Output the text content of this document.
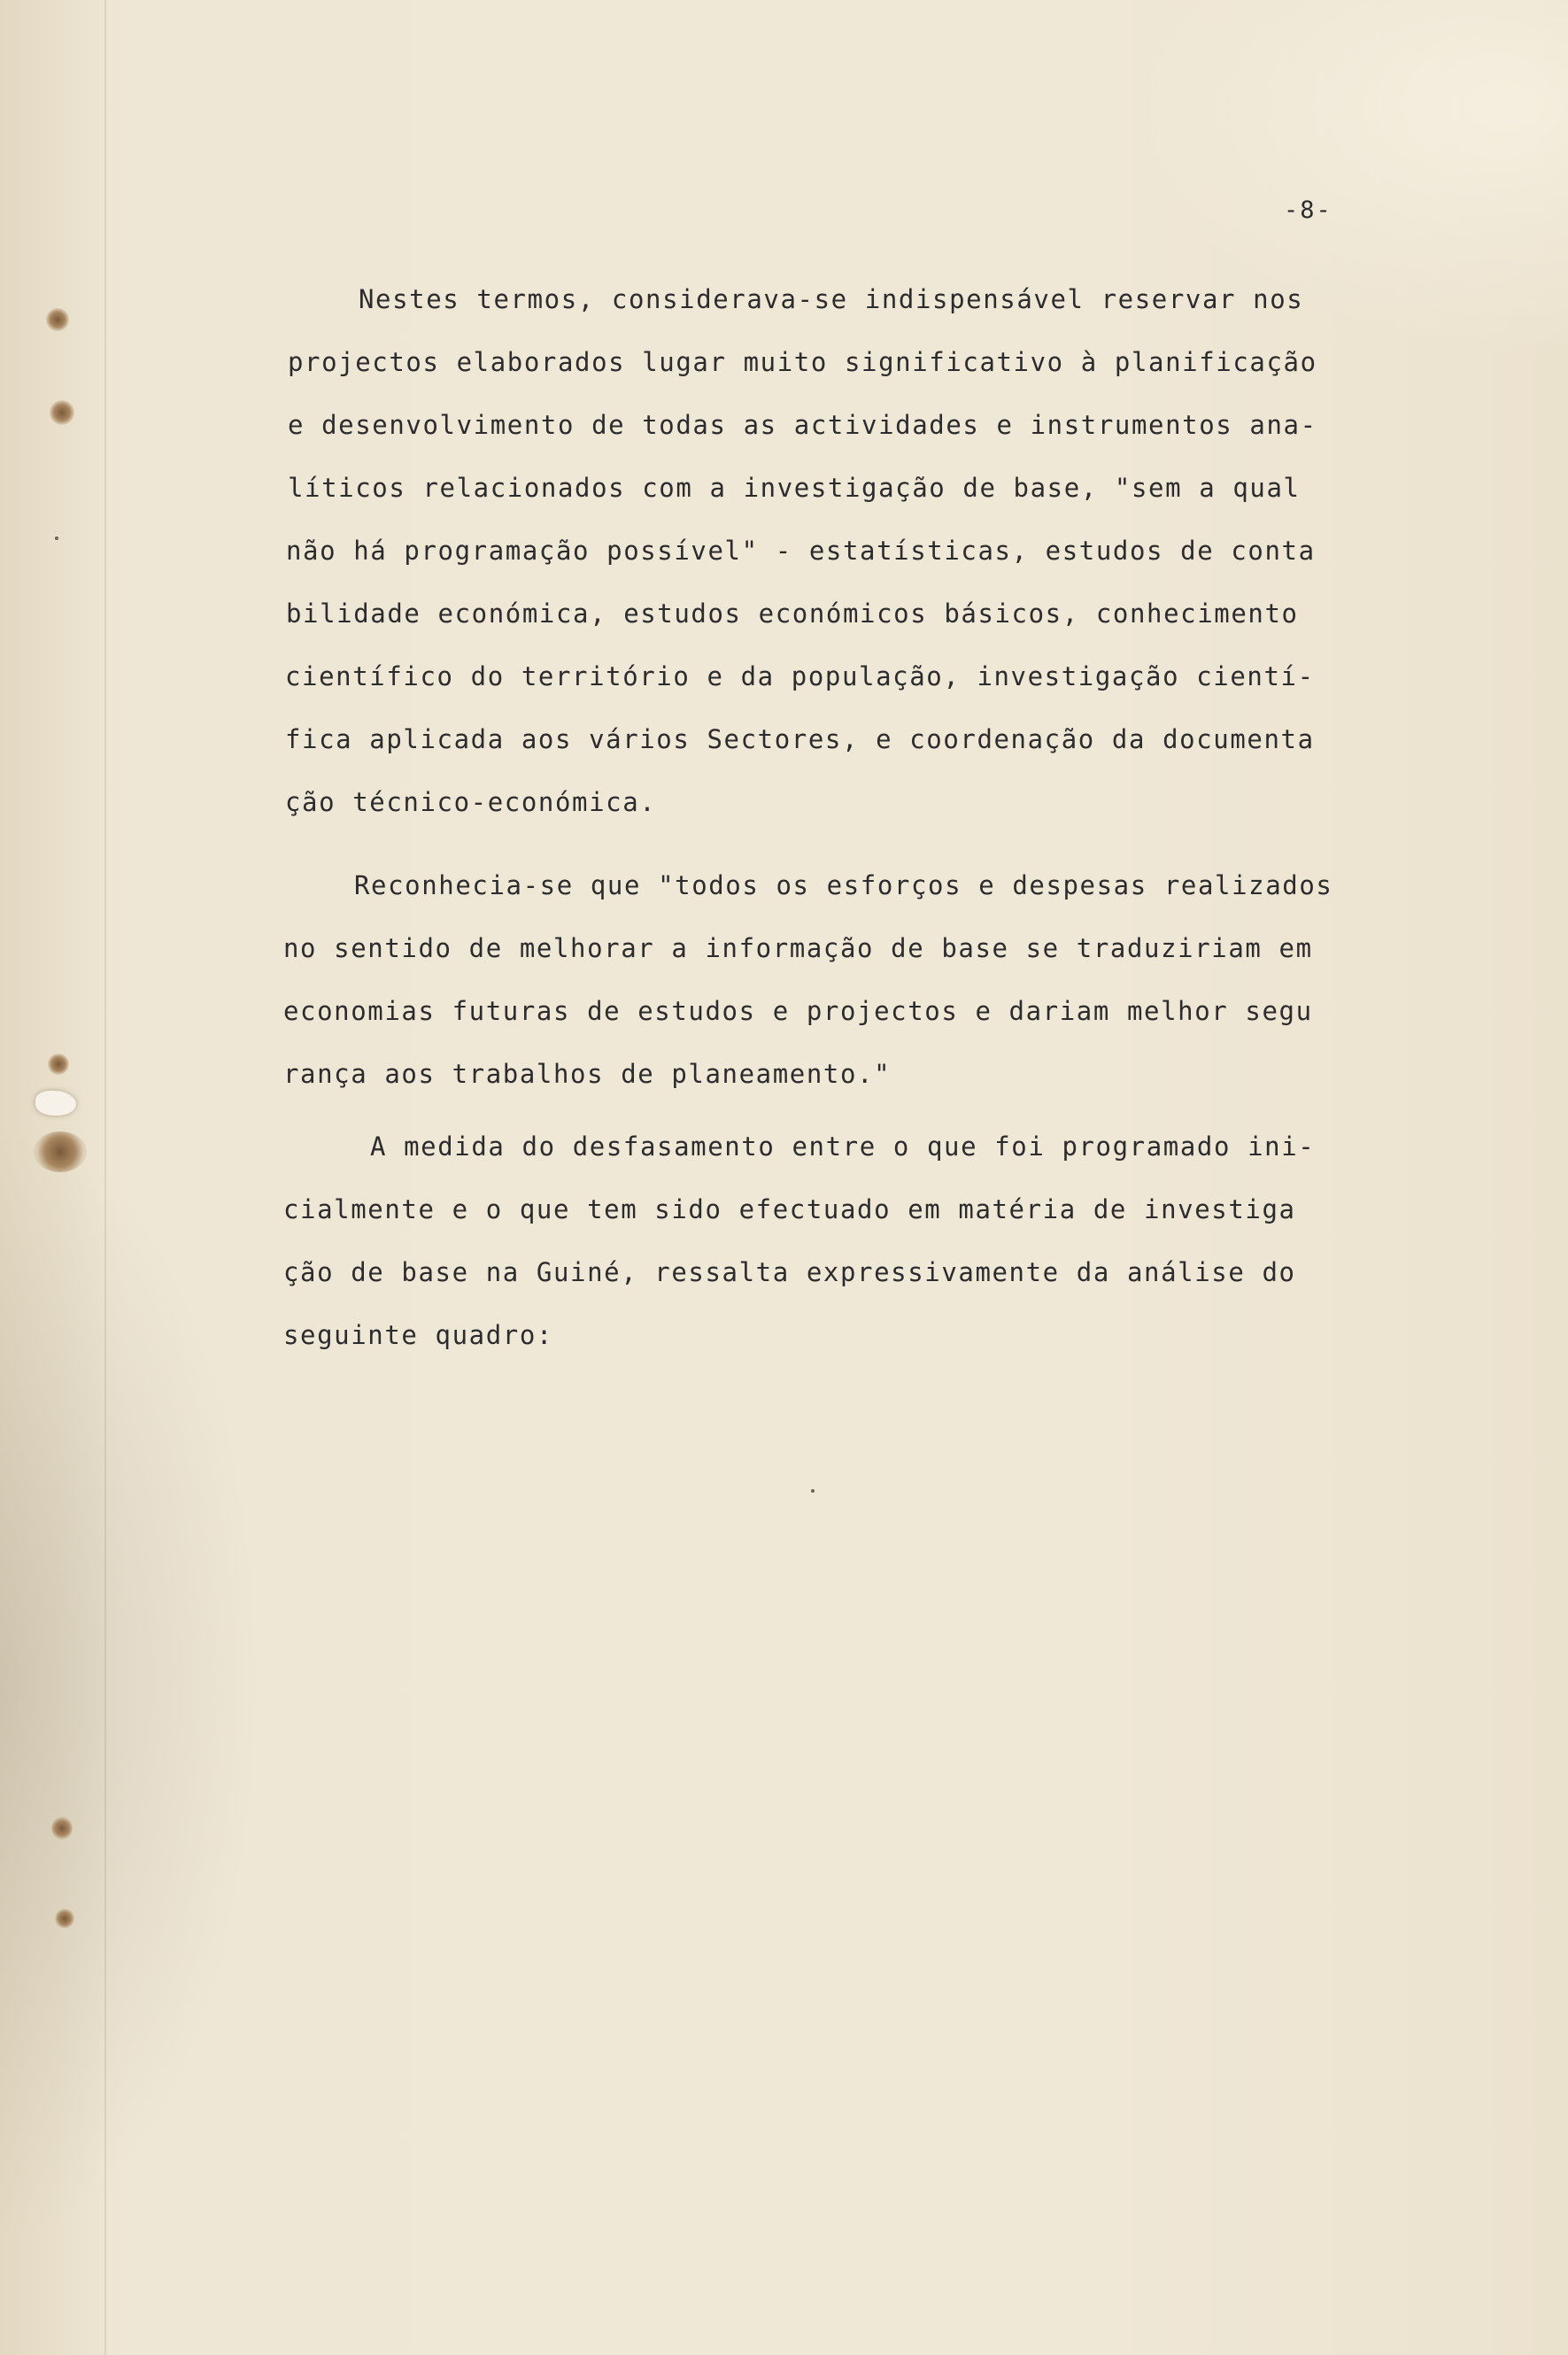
-8-
Nestes termos, considerava-se indispensável reservar nos
projectos elaborados lugar muito significativo à planificação
e desenvolvimento de todas as actividades e instrumentos ana-
líticos relacionados com a investigação de base, "sem a qual
não há programação possível" - estatísticas, estudos de conta
bilidade económica, estudos económicos básicos, conhecimento
científico do território e da população, investigação cientí-
fica aplicada aos vários Sectores, e coordenação da documenta
ção técnico-económica.
Reconhecia-se que "todos os esforços e despesas realizados
no sentido de melhorar a informação de base se traduziriam em
economias futuras de estudos e projectos e dariam melhor segu
rança aos trabalhos de planeamento."
A medida do desfasamento entre o que foi programado ini-
cialmente e o que tem sido efectuado em matéria de investiga
ção de base na Guiné, ressalta expressivamente da análise do
seguinte quadro:
